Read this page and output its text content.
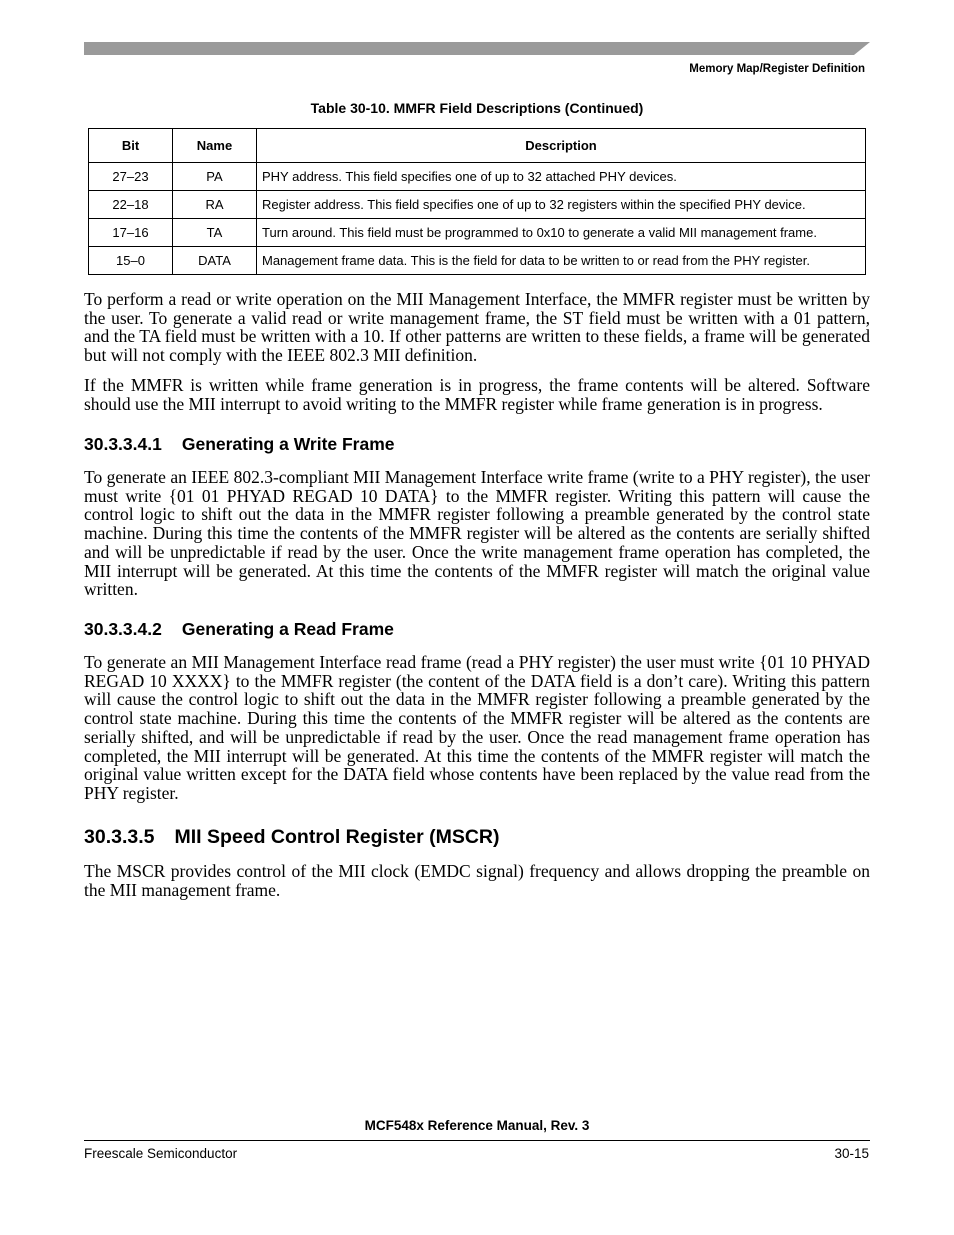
Memory Map/Register Definition
Table 30-10. MMFR Field Descriptions (Continued)
Bit	Name	Description
27–23	PA	PHY address. This field specifies one of up to 32 attached PHY devices.
22–18	RA	Register address. This field specifies one of up to 32 registers within the specified PHY device.
17–16	TA	Turn around. This field must be programmed to 0x10 to generate a valid MII management frame.
15–0	DATA	Management frame data. This is the field for data to be written to or read from the PHY register.

To perform a read or write operation on the MII Management Interface, the MMFR register must be written by the user. To generate a valid read or write management frame, the ST field must be written with a 01 pattern, and the TA field must be written with a 10. If other patterns are written to these fields, a frame will be generated but will not comply with the IEEE 802.3 MII definition.

If the MMFR is written while frame generation is in progress, the frame contents will be altered. Software should use the MII interrupt to avoid writing to the MMFR register while frame generation is in progress.

30.3.3.4.1 Generating a Write Frame

To generate an IEEE 802.3-compliant MII Management Interface write frame (write to a PHY register), the user must write {01 01 PHYAD REGAD 10 DATA} to the MMFR register. Writing this pattern will cause the control logic to shift out the data in the MMFR register following a preamble generated by the control state machine. During this time the contents of the MMFR register will be altered as the contents are serially shifted and will be unpredictable if read by the user. Once the write management frame operation has completed, the MII interrupt will be generated. At this time the contents of the MMFR register will match the original value written.

30.3.3.4.2 Generating a Read Frame

To generate an MII Management Interface read frame (read a PHY register) the user must write {01 10 PHYAD REGAD 10 XXXX} to the MMFR register (the content of the DATA field is a don’t care). Writing this pattern will cause the control logic to shift out the data in the MMFR register following a preamble generated by the control state machine. During this time the contents of the MMFR register will be altered as the contents are serially shifted, and will be unpredictable if read by the user. Once the read management frame operation has completed, the MII interrupt will be generated. At this time the contents of the MMFR register will match the original value written except for the DATA field whose contents have been replaced by the value read from the PHY register.

30.3.3.5 MII Speed Control Register (MSCR)

The MSCR provides control of the MII clock (EMDC signal) frequency and allows dropping the preamble on the MII management frame.

MCF548x Reference Manual, Rev. 3
Freescale Semiconductor	30-15
